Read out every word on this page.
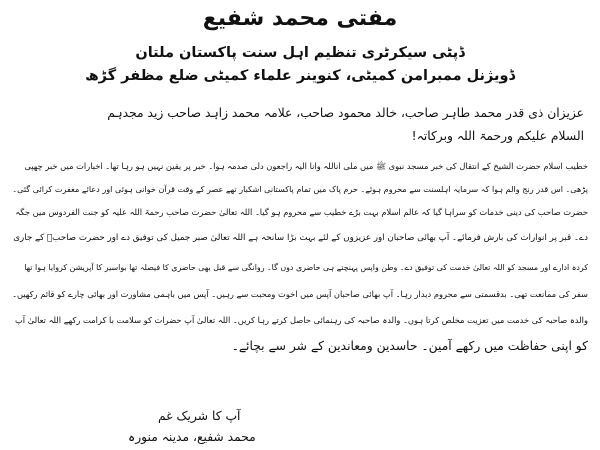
مفتی محمد شفیع
ڈپٹی سیکرٹری تنظیم اہل سنت پاکستان ملتان
ڈویژنل ممبرامن کمیٹی، کنوینر علماء کمیٹی ضلع مظفر گڑھ
عزیزان ذی قدر محمد طاہر صاحب، خالد محمود صاحب، علامہ محمد زاہد صاحب زید مجدہم
السلام علیکم ورحمۃ اللہ وبرکاتہ!
خطیب اسلام حضرت الشیخ کے انتقال کی خبر مسجد نبوی ﷺ میں ملی اناللہ وانا الیہ راجعون دلی صدمہ ہوا۔ خبر پر یقین نہیں ہو رہا تھا۔ اخبارات میں خبر چھپی
پڑھی۔ اس قدر رنج والم ہوا کہ سرمایہ اہلسنت سے محروم ہوئے۔ حرم پاک میں تمام پاکستانی اشکبار تھے عصر کے وقت قرآن خوانی ہوئی اور دعائے مغفرت کرائی گئی۔
حضرت صاحب کی دینی خدمات کو سراہا گیا کہ عالم اسلام بہت بڑے خطیب سے محروم ہو گیا۔ اللہ تعالیٰ حضرت صاحب رحمۃ اللہ علیہ کو جنت الفردوس میں جگہ
دے۔ قبر پر انوارات کی بارش فرمائے۔ آپ بھائی صاحبان اور عزیزوں کے لئے بہت بڑا سانحہ ہے اللہ تعالیٰ صبر جمیل کی توفیق دے اور حضرت صاحبؒ کے جاری
کردہ ادارے اور مسجد کو اللہ تعالیٰ خدمت کی توفیق دے۔ وطن واپس پہنچتے ہی حاضری دوں گا۔ روانگی سے قبل بھی حاضری کا فیصلہ تھا بواسیر کا آپریشن کروایا ہوا تھا
سفر کی ممانعت تھی۔ بدقسمتی سے محروم دیدار رہا۔ آپ بھائی صاحبان آپس میں اخوت ومحبت سے رہیں۔ آپس میں باہمی مشاورت اور بھائی چارے کو قائم رکھیں۔
والدہ صاحبہ کی خدمت میں تعزیت مخلص کرتا ہوں۔ والدہ صاحبہ کی رہنمائی حاصل کرتے رہا کریں۔ اللہ تعالیٰ آپ حضرات کو سلامت با کرامت رکھے اللہ تعالیٰ آپ
کو اپنی حفاظت میں رکھے آمین۔ حاسدین ومعاندین کے شر سے بچائے۔
آپ کا شریک غم
محمد شفیع، مدینہ منورہ
